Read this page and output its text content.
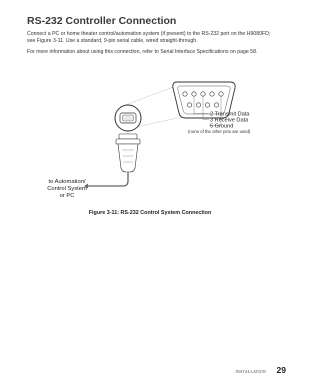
RS-232 Controller Connection

Connect a PC or home theater control/automation system (if present) to the RS-232 port on the H9080FD; see Figure 3-11. Use a standard, 9-pin serial cable, wired straight-through.

For more information about using this connection, refer to Serial Interface Specifications on page 58.

2 Transmit Data
3 Receive Data
5 Ground
(none of the other pins are used)
to Automation/
Control System
or PC

Figure 3-11: RS-232 Control System Connection

INSTALLATION 29
